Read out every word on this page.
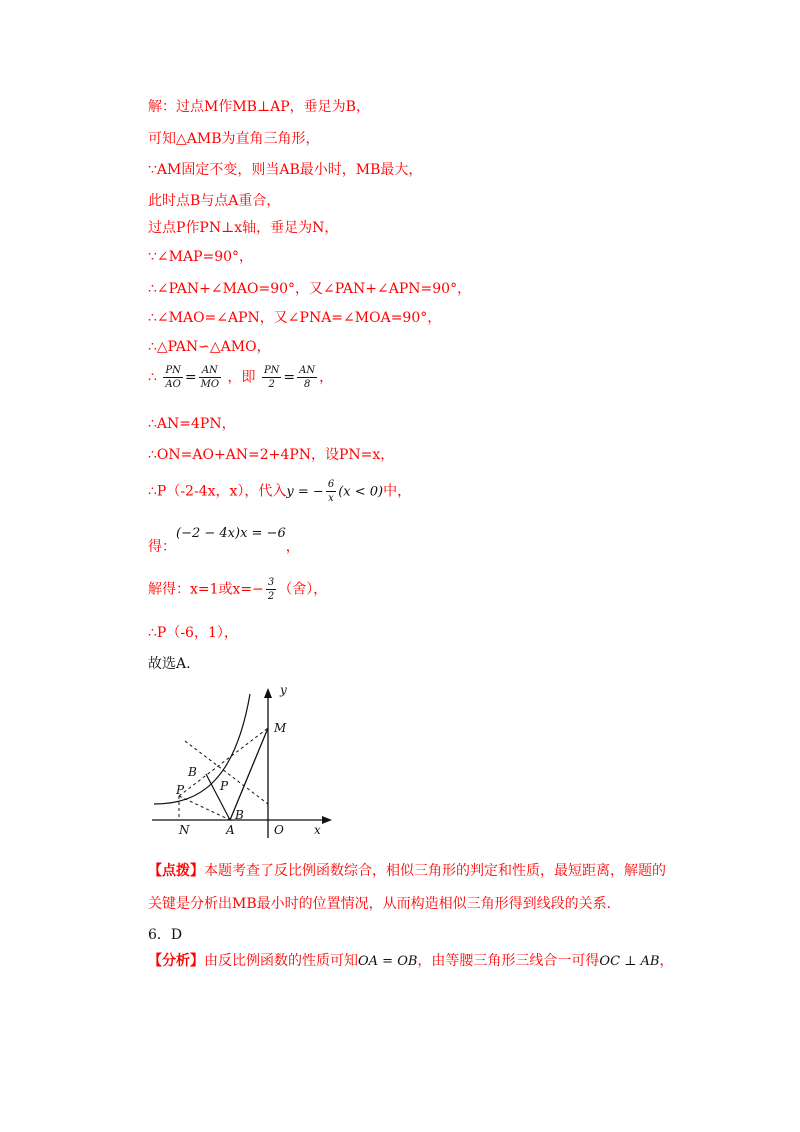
解：过点M作MB⊥AP，垂足为B，
可知△AMB为直角三角形，
∵AM固定不变，则当AB最小时，MB最大，
此时点B与点A重合，
过点P作PN⊥x轴，垂足为N，
∵∠MAP=90°，
∴∠PAN+∠MAO=90°，又∠PAN+∠APN=90°，
∴∠MAO=∠APN，又∠PNA=∠MOA=90°，
∴△PAN∽△AMO，
∴ $\frac{PN}{AO} = \frac{AN}{MO}$ ，即 $\frac{PN}{2} = \frac{AN}{8}$ ，
∴AN=4PN，
∴ON=AO+AN=2+4PN，设PN=x，
∴P（-2-4x，x），代入y = − $\frac{6}{x} (x < 0)$中，
得：(−2 − 4x)x = −6，
解得：x=1或$x=- \frac{3}{2}$ （舍），
∴P（-6，1），
故选A.
y
x
M
B
P	P
B
N	A	O
【点拨】本题考查了反比例函数综合，相似三角形的判定和性质，最短距离，解题的
关键是分析出MB最小时的位置情况，从而构造相似三角形得到线段的关系.
6．D
【分析】由反比例函数的性质可知OA = OB，由等腰三角形三线合一可得OC ⊥ AB，
